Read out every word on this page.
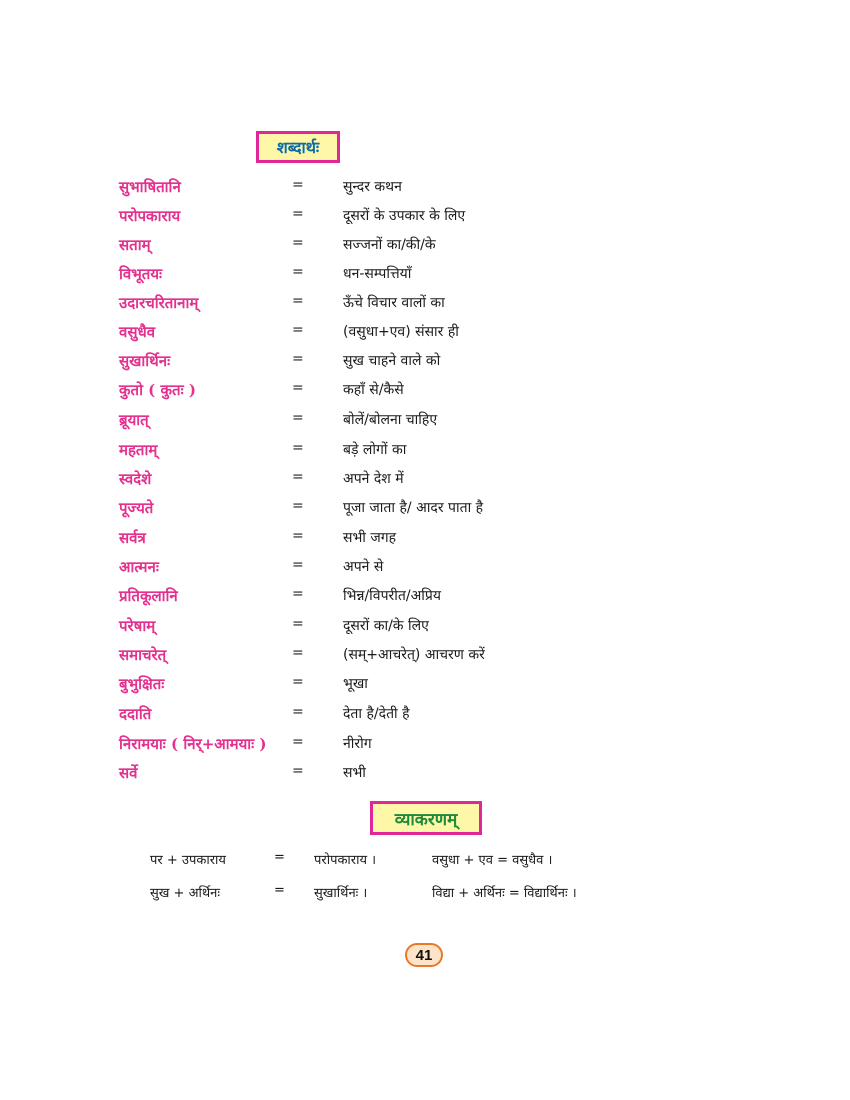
शब्दार्थः
सुभाषितानि	=	सुन्दर कथन
परोपकाराय	=	दूसरों के उपकार के लिए
सताम्	=	सज्जनों का/की/के
विभूतयः	=	धन-सम्पत्तियाँ
उदारचरितानाम्	=	ऊँचे विचार वालों का
वसुधैव	=	(वसुधा+एव) संसार ही
सुखार्थिनः	=	सुख चाहने वाले को
कुतो ( कुतः )	=	कहाँ से/कैसे
ब्रूयात्	=	बोलें/बोलना चाहिए
महताम्	=	बड़े लोगों का
स्वदेशे	=	अपने देश में
पूज्यते	=	पूजा जाता है/ आदर पाता है
सर्वत्र	=	सभी जगह
आत्मनः	=	अपने से
प्रतिकूलानि	=	भिन्न/विपरीत/अप्रिय
परेषाम्	=	दूसरों का/के लिए
समाचरेत्	=	(सम्+आचरेत्) आचरण करें
बुभुक्षितः	=	भूखा
ददाति	=	देता है/देती है
निरामयाः ( निर्+आमयाः ) =	नीरोग
सर्वे	=	सभी
व्याकरणम्
पर + उपकाराय	= परोपकाराय ।	वसुधा + एव = वसुधैव ।
सुख + अर्थिनः	= सुखार्थिनः ।	विद्या + अर्थिनः = विद्यार्थिनः ।
41
